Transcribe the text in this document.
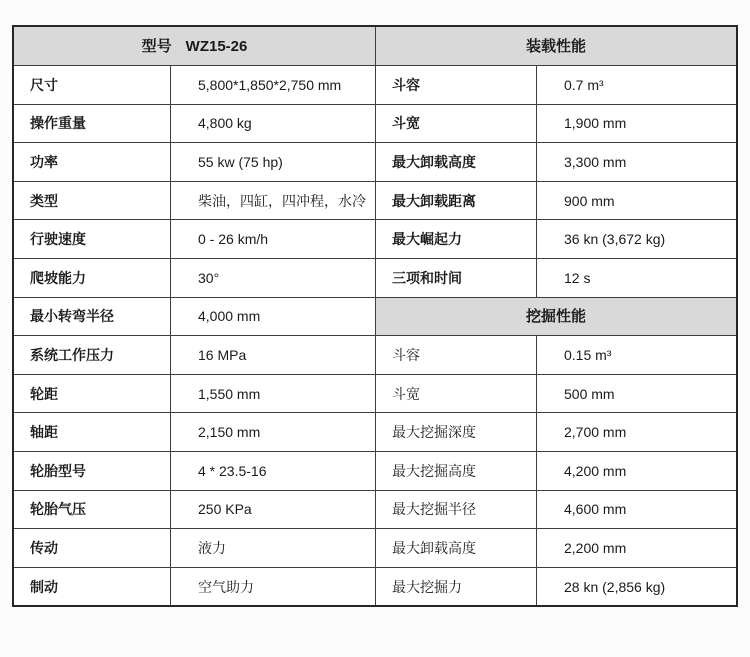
型号 WZ15-26	装载性能
尺寸	5,800*1,850*2,750 mm	斗容	0.7 m³
操作重量	4,800 kg	斗宽	1,900 mm
功率	55 kw (75 hp)	最大卸载高度	3,300 mm
类型	柴油，四缸，四冲程，水冷	最大卸载距离	900 mm
行驶速度	0 - 26 km/h	最大崛起力	36 kn (3,672 kg)
爬坡能力	30°	三项和时间	12 s
最小转弯半径	4,000 mm	挖掘性能
系统工作压力	16 MPa	斗容	0.15 m³
轮距	1,550 mm	斗宽	500 mm
轴距	2,150 mm	最大挖掘深度	2,700 mm
轮胎型号	4 * 23.5-16	最大挖掘高度	4,200 mm
轮胎气压	250 KPa	最大挖掘半径	4,600 mm
传动	液力	最大卸载高度	2,200 mm
制动	空气助力	最大挖掘力	28 kn (2,856 kg)
